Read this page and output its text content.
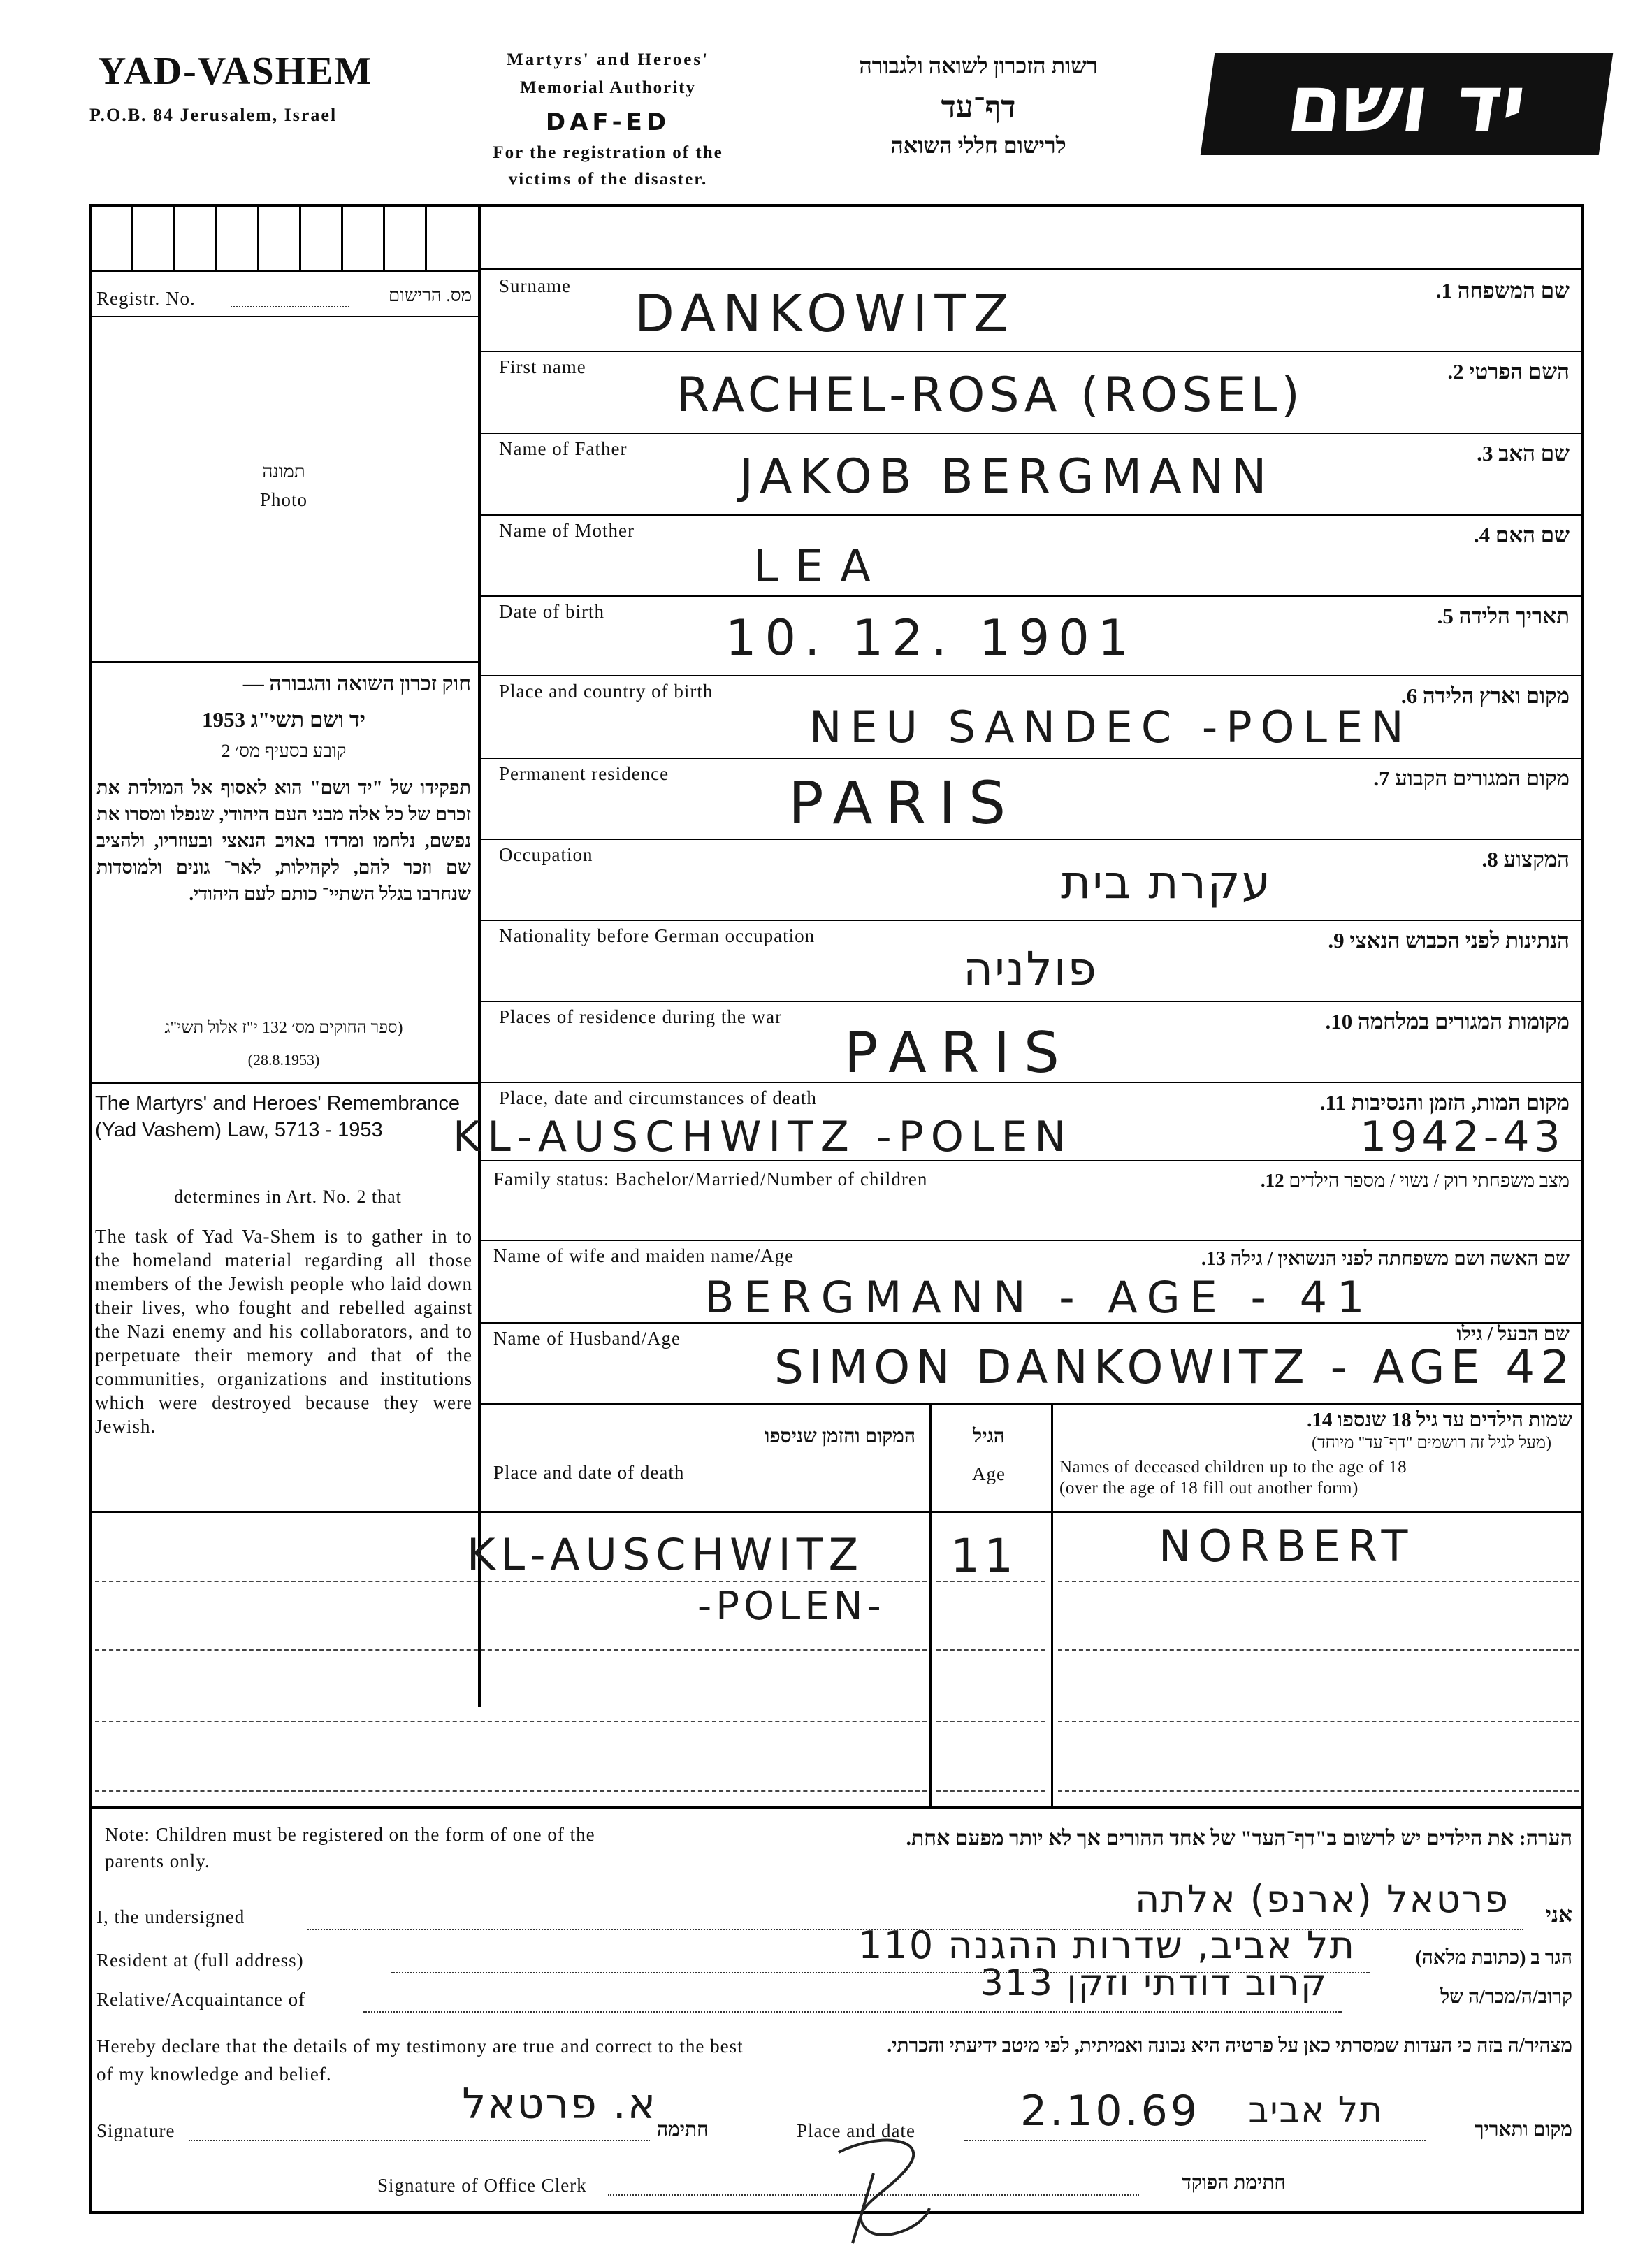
YAD-VASHEM
P.O.B. 84 Jerusalem, Israel
Martyrs' and Heroes'
Memorial Authority
DAF-ED
For the registration of the
victims of the disaster.
רשות הזכרון לשואה ולגבורה
דף־עד
לרישום חללי השואה	יד ושם
Registr. No.	מס. הרישום
תמונה
Photo
חוק זכרון השואה והגבורה —
יד ושם תשי"ג 1953
קובע בסעיף מס׳ 2
תפקידו של "יד ושם" הוא לאסוף אל המולדת את זכרם של כל אלה מבני העם היהודי, שנפלו ומסרו את נפשם, נלחמו ומרדו באויב הנאצי ובעוזריו, ולהציב שם וזכר להם, לקהילות, לאר־ גונים ולמוסדות שנחרבו בגלל השתיי־ כותם לעם היהודי.
(ספר החוקים מס׳ 132 י"ז אלול תשי"ג
(28.8.1953)
The Martyrs' and Heroes' Remembrance (Yad Vashem) Law, 5713 - 1953
determines in Art. No. 2 that
The task of Yad Va-Shem is to gather in to the homeland material regarding all those members of the Jewish people who laid down their lives, who fought and rebelled against the Nazi enemy and his collaborators, and to perpetuate their memory and that of the communities, organizations and institutions which were destroyed because they were Jewish.
Surname	שם המשפחה 1.
DANKOWITZ
First name	השם הפרטי 2.
RACHEL-ROSA (ROSEL)
Name of Father	שם האב 3.
JAKOB BERGMANN
Name of Mother	שם האם 4.
LEA
Date of birth	תאריך הלידה 5.
10. 12. 1901
Place and country of birth	מקום וארץ הלידה 6.
NEU SANDEC -POLEN
Permanent residence	מקום המגורים הקבוע 7.
PARIS
Occupation	המקצוע 8.
עקרת בית
Nationality before German occupation	הנתינות לפני הכבוש הנאצי 9.
פולניה
Places of residence during the war	מקומות המגורים במלחמה 10.
PARIS
Place, date and circumstances of death	מקום המות, הזמן והנסיבות 11.
KL-AUSCHWITZ -POLEN	1942-43
Family status: Bachelor/Married/Number of children	מצב משפחתי רוק / נשוי / מספר הילדים 12.
Name of wife and maiden name/Age	שם האשה ושם משפחתה לפני הנשואין / גילה 13.
BERGMANN - AGE - 41
Name of Husband/Age	שם הבעל / גילו
SIMON DANKOWITZ - AGE 42
המקום והזמן שניספו
Place and date of death
הגיל
Age
שמות הילדים עד גיל 18 שנספו 14.
(מעל לגיל זה רושמים "דף־עד" מיוחד)
Names of deceased children up to the age of 18
(over the age of 18 fill out another form)
KL-AUSCHWITZ
-POLEN-
11	NORBERT
Note: Children must be registered on the form of one of the parents only.
הערה: את הילדים יש לרשום ב"דף־העד" של אחד ההורים אך לא יותר מפעם אחת.
I, the undersigned	אני
פרטאל (ארנפ) אלתה
Resident at (full address)	הגר ב (כתובת מלאה)
תל אביב, שדרות ההגנה 110
Relative/Acquaintance of	קרוב/ה/מכר/ה של
קרוב דודתי וזקן 313
Hereby declare that the details of my testimony are true and correct to the best of my knowledge and belief.
מצהיר/ה בזה כי העדות שמסרתי כאן על פרטיה היא נכונה ואמיתית, לפי מיטב ידיעתי והכרתי.
Signature
א. פרטאל
חתימה	Place and date	2.10.69 תל אביב	מקום ותאריך
Signature of Office Clerk	חתימת הפוקד
